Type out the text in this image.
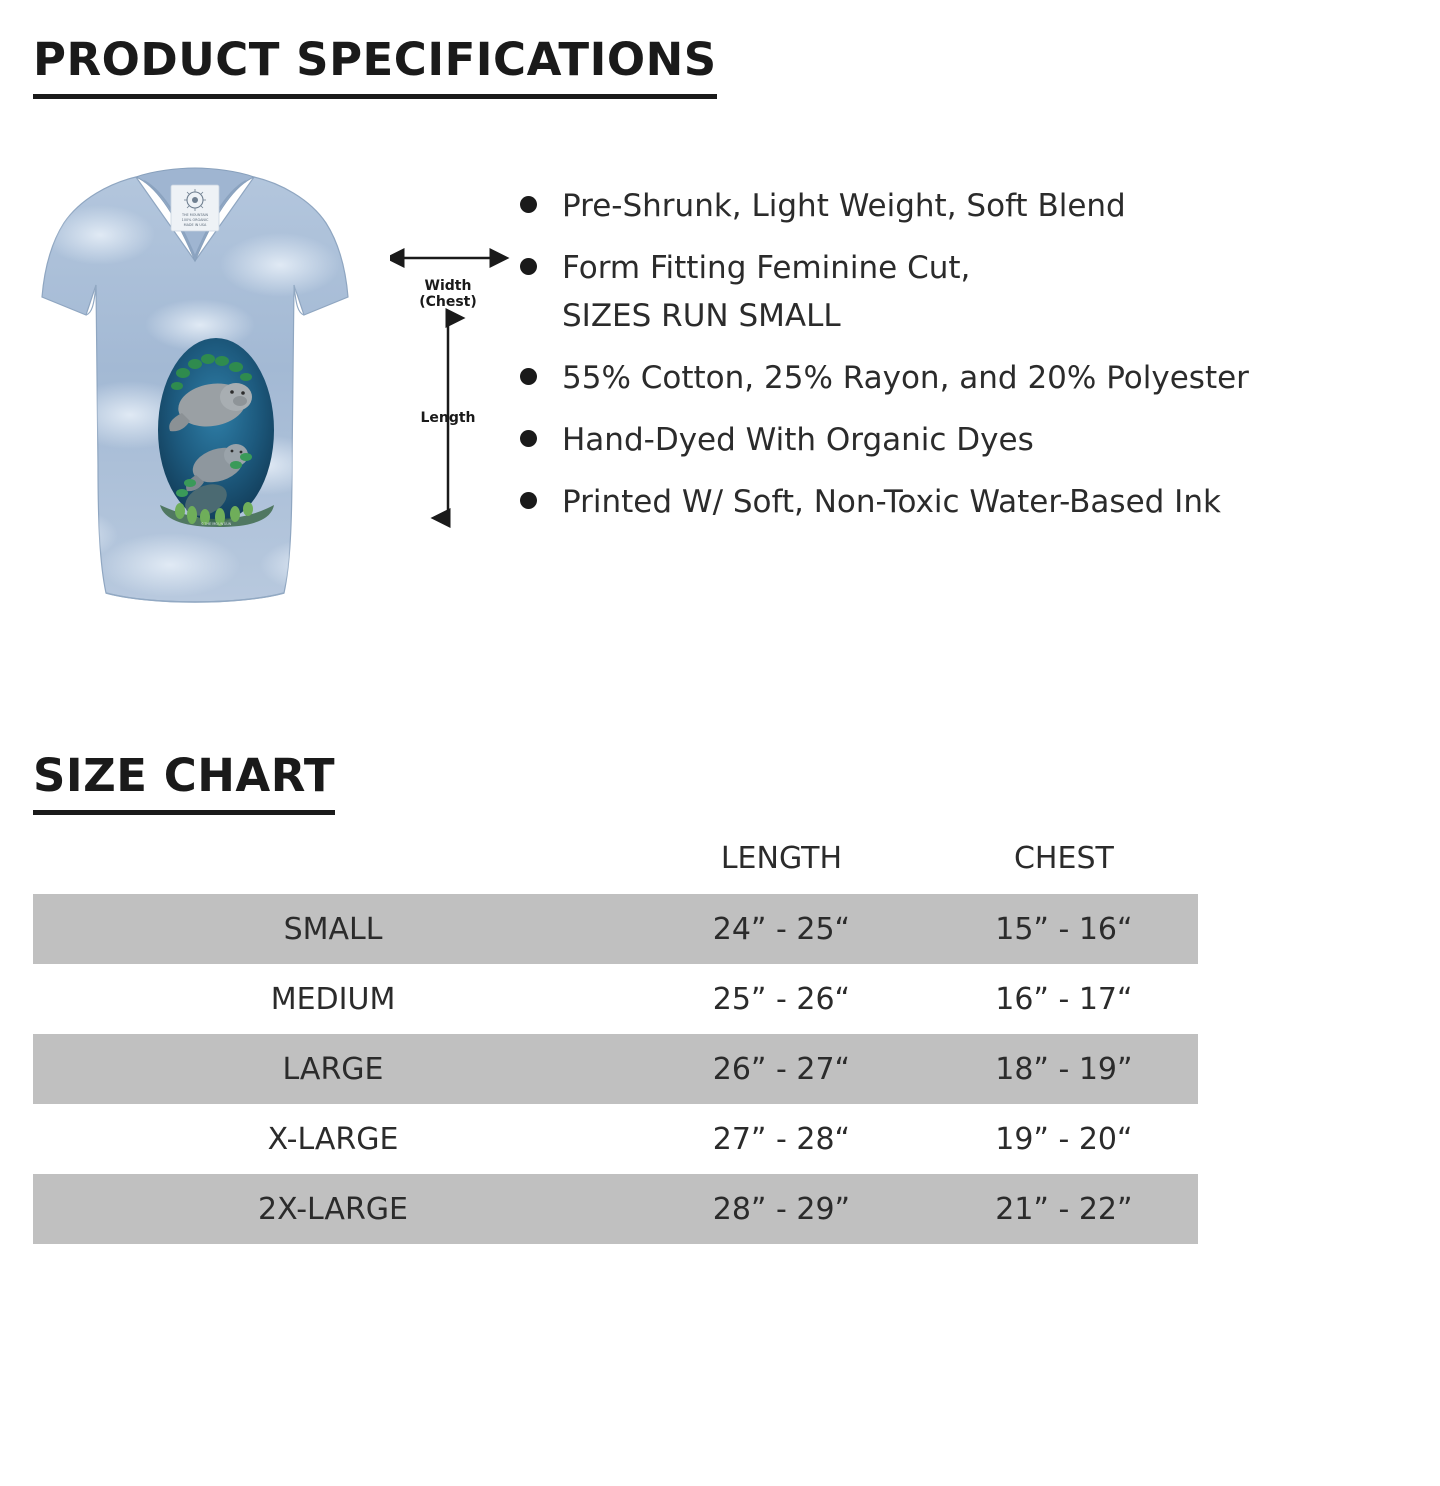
PRODUCT SPECIFICATIONS
THE MOUNTAIN
100% ORGANIC
MADE IN USA
©THE MOUNTAIN
Width
(Chest)
Length
Pre-Shrunk, Light Weight, Soft Blend
Form Fitting Feminine Cut,
SIZES RUN SMALL
55% Cotton, 25% Rayon, and 20% Polyester
Hand-Dyed With Organic Dyes
Printed W/ Soft, Non-Toxic Water-Based Ink
SIZE CHART
	LENGTH	CHEST
SMALL	24” - 25“	15” - 16“
MEDIUM	25” - 26“	16” - 17“
LARGE	26” - 27“	18” - 19”
X-LARGE	27” - 28“	19” - 20“
2X-LARGE	28” - 29”	21” - 22”
